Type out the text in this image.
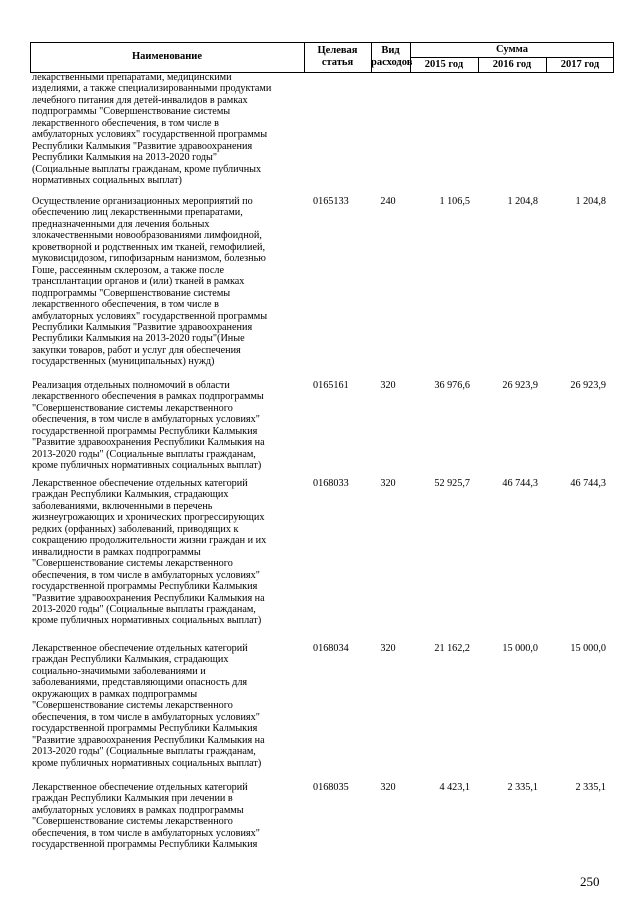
Наименование
Целевая статья
Вид расходов
Сумма
2015 год	2016 год	2017 год
лекарственными препаратами, медицинскими
изделиями, а также специализированными продуктами
лечебного питания для детей-инвалидов в рамках
подпрограммы "Совершенствование системы
лекарственного обеспечения, в том числе в
амбулаторных условиях" государственной программы
Республики Калмыкия "Развитие здравоохранения
Республики Калмыкия на 2013-2020 годы"
(Социальные выплаты гражданам, кроме публичных
нормативных социальных выплат)
Осуществление организационных мероприятий по
обеспечению лиц лекарственными препаратами,
предназначенными для лечения больных
злокачественными новообразованиями лимфоидной,
кроветворной и родственных им тканей, гемофилией,
муковисцидозом, гипофизарным нанизмом, болезнью
Гоше, рассеянным склерозом, а также после
трансплантации органов и (или) тканей в рамках
подпрограммы "Совершенствование системы
лекарственного обеспечения, в том числе в
амбулаторных условиях" государственной программы
Республики Калмыкия "Развитие здравоохранения
Республики Калмыкия на 2013-2020 годы"(Иные
закупки товаров, работ и услуг для обеспечения
государственных (муниципальных) нужд)
0165133	240	1 106,5	1 204,8	1 204,8
Реализация отдельных полномочий в области
лекарственного обеспечения в рамках подпрограммы
"Совершенствование системы лекарственного
обеспечения, в том числе в амбулаторных условиях"
государственной программы Республики Калмыкия
"Развитие здравоохранения Республики Калмыкия на
2013-2020 годы" (Социальные выплаты гражданам,
кроме публичных нормативных социальных выплат)
0165161	320	36 976,6	26 923,9	26 923,9
Лекарственное обеспечение отдельных категорий
граждан Республики Калмыкия, страдающих
заболеваниями, включенными в перечень
жизнеугрожающих и хронических прогрессирующих
редких (орфанных) заболеваний, приводящих к
сокращению продолжительности жизни граждан и их
инвалидности в рамках подпрограммы
"Совершенствование системы лекарственного
обеспечения, в том числе в амбулаторных условиях"
государственной программы Республики Калмыкия
"Развитие здравоохранения Республики Калмыкия на
2013-2020 годы" (Социальные выплаты гражданам,
кроме публичных нормативных социальных выплат)
0168033	320	52 925,7	46 744,3	46 744,3
Лекарственное обеспечение отдельных категорий
граждан Республики Калмыкия, страдающих
социально-значимыми заболеваниями и
заболеваниями, представляющими опасность для
окружающих в рамках подпрограммы
"Совершенствование системы лекарственного
обеспечения, в том числе в амбулаторных условиях"
государственной программы Республики Калмыкия
"Развитие здравоохранения Республики Калмыкия на
2013-2020 годы" (Социальные выплаты гражданам,
кроме публичных нормативных социальных выплат)
0168034	320	21 162,2	15 000,0	15 000,0
Лекарственное обеспечение отдельных категорий
граждан Республики Калмыкия при лечении в
амбулаторных условиях в рамках подпрограммы
"Совершенствование системы лекарственного
обеспечения, в том числе в амбулаторных условиях"
государственной программы Республики Калмыкия
0168035	320	4 423,1	2 335,1	2 335,1
250
